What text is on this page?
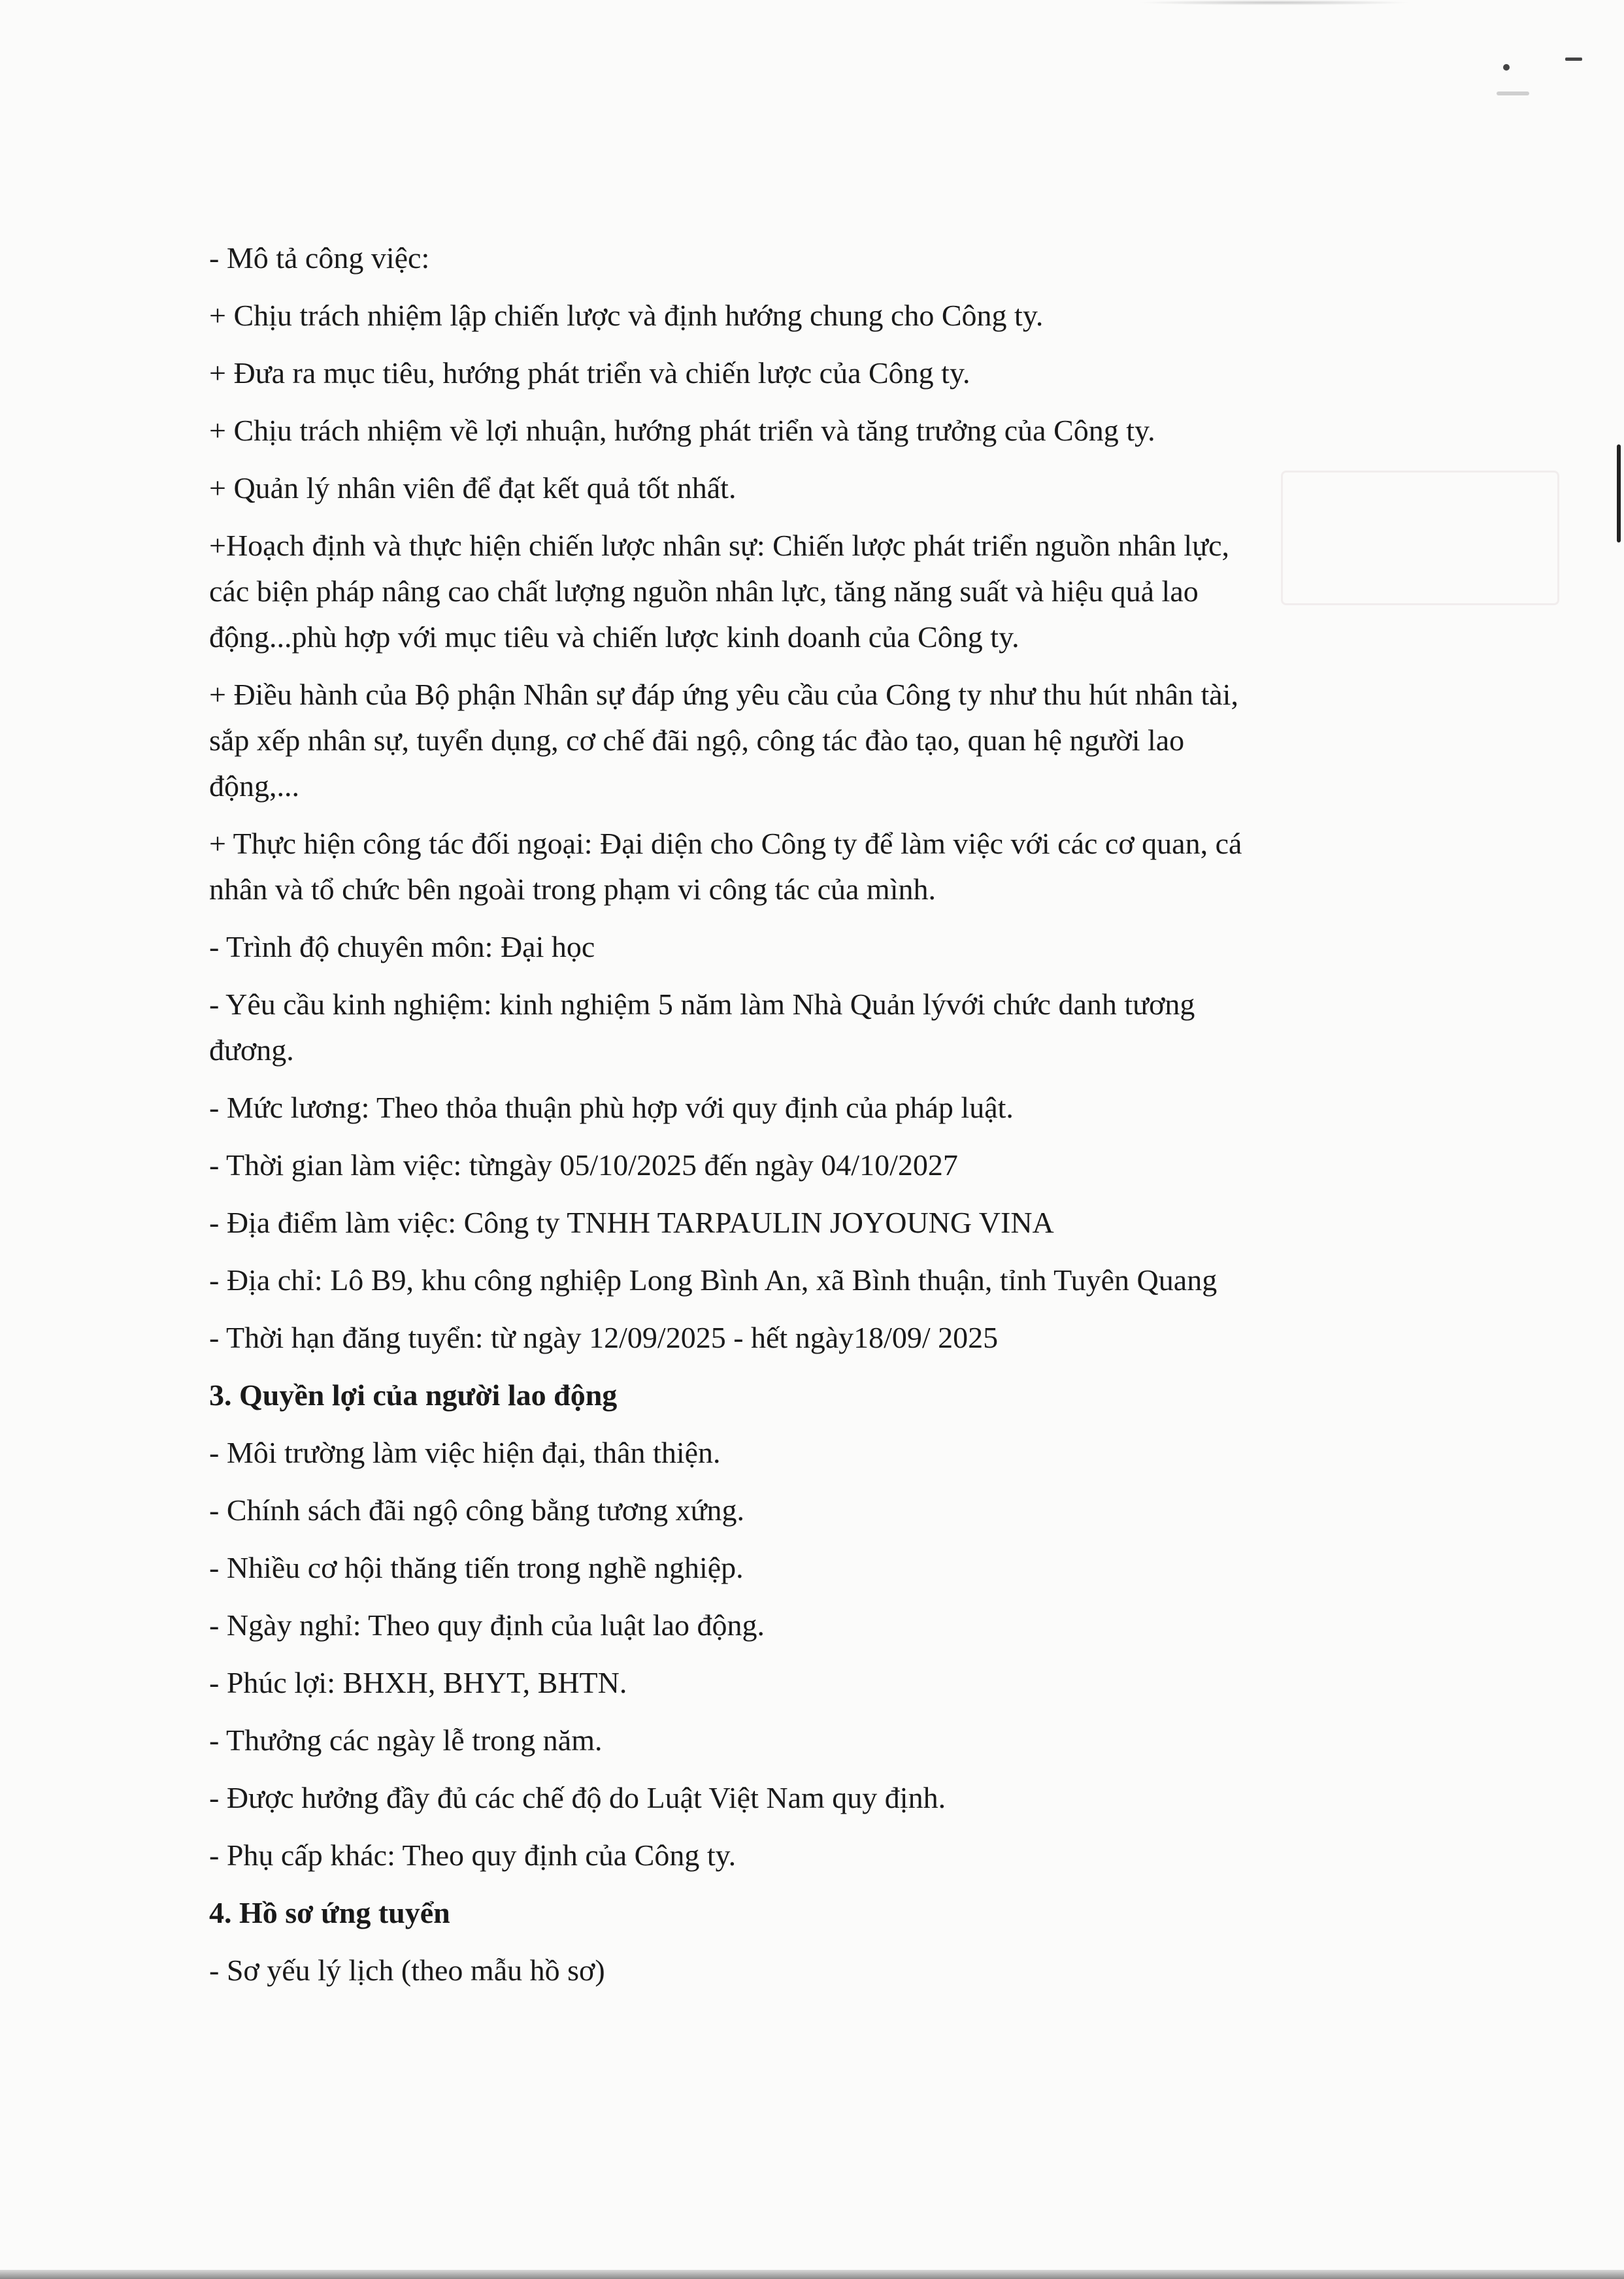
- Mô tả công việc:
+ Chịu trách nhiệm lập chiến lược và định hướng chung cho Công ty.
+ Đưa ra mục tiêu, hướng phát triển và chiến lược của Công ty.
+ Chịu trách nhiệm về lợi nhuận, hướng phát triển và tăng trưởng của Công ty.
+ Quản lý nhân viên để đạt kết quả tốt nhất.
+Hoạch định và thực hiện chiến lược nhân sự: Chiến lược phát triển nguồn nhân lực,
các biện pháp nâng cao chất lượng nguồn nhân lực, tăng năng suất và hiệu quả lao
động...phù hợp với mục tiêu và chiến lược kinh doanh của Công ty.
+ Điều hành của Bộ phận Nhân sự đáp ứng yêu cầu của Công ty như thu hút nhân tài,
sắp xếp nhân sự, tuyển dụng, cơ chế đãi ngộ, công tác đào tạo, quan hệ người lao
động,...
+ Thực hiện công tác đối ngoại: Đại diện cho Công ty để làm việc với các cơ quan, cá
nhân và tổ chức bên ngoài trong phạm vi công tác của mình.
- Trình độ chuyên môn: Đại học
- Yêu cầu kinh nghiệm: kinh nghiệm 5 năm làm Nhà Quản lývới chức danh tương
đương.
- Mức lương: Theo thỏa thuận phù hợp với quy định của pháp luật.
- Thời gian làm việc: từngày 05/10/2025 đến ngày 04/10/2027
- Địa điểm làm việc: Công ty TNHH TARPAULIN JOYOUNG VINA
- Địa chỉ: Lô B9, khu công nghiệp Long Bình An, xã Bình thuận, tỉnh Tuyên Quang
- Thời hạn đăng tuyển: từ ngày 12/09/2025 - hết ngày18/09/ 2025
3. Quyền lợi của người lao động
- Môi trường làm việc hiện đại, thân thiện.
- Chính sách đãi ngộ công bằng tương xứng.
- Nhiều cơ hội thăng tiến trong nghề nghiệp.
- Ngày nghỉ: Theo quy định của luật lao động.
- Phúc lợi: BHXH, BHYT, BHTN.
- Thưởng các ngày lễ trong năm.
- Được hưởng đầy đủ các chế độ do Luật Việt Nam quy định.
- Phụ cấp khác: Theo quy định của Công ty.
4. Hồ sơ ứng tuyển
- Sơ yếu lý lịch (theo mẫu hồ sơ)
